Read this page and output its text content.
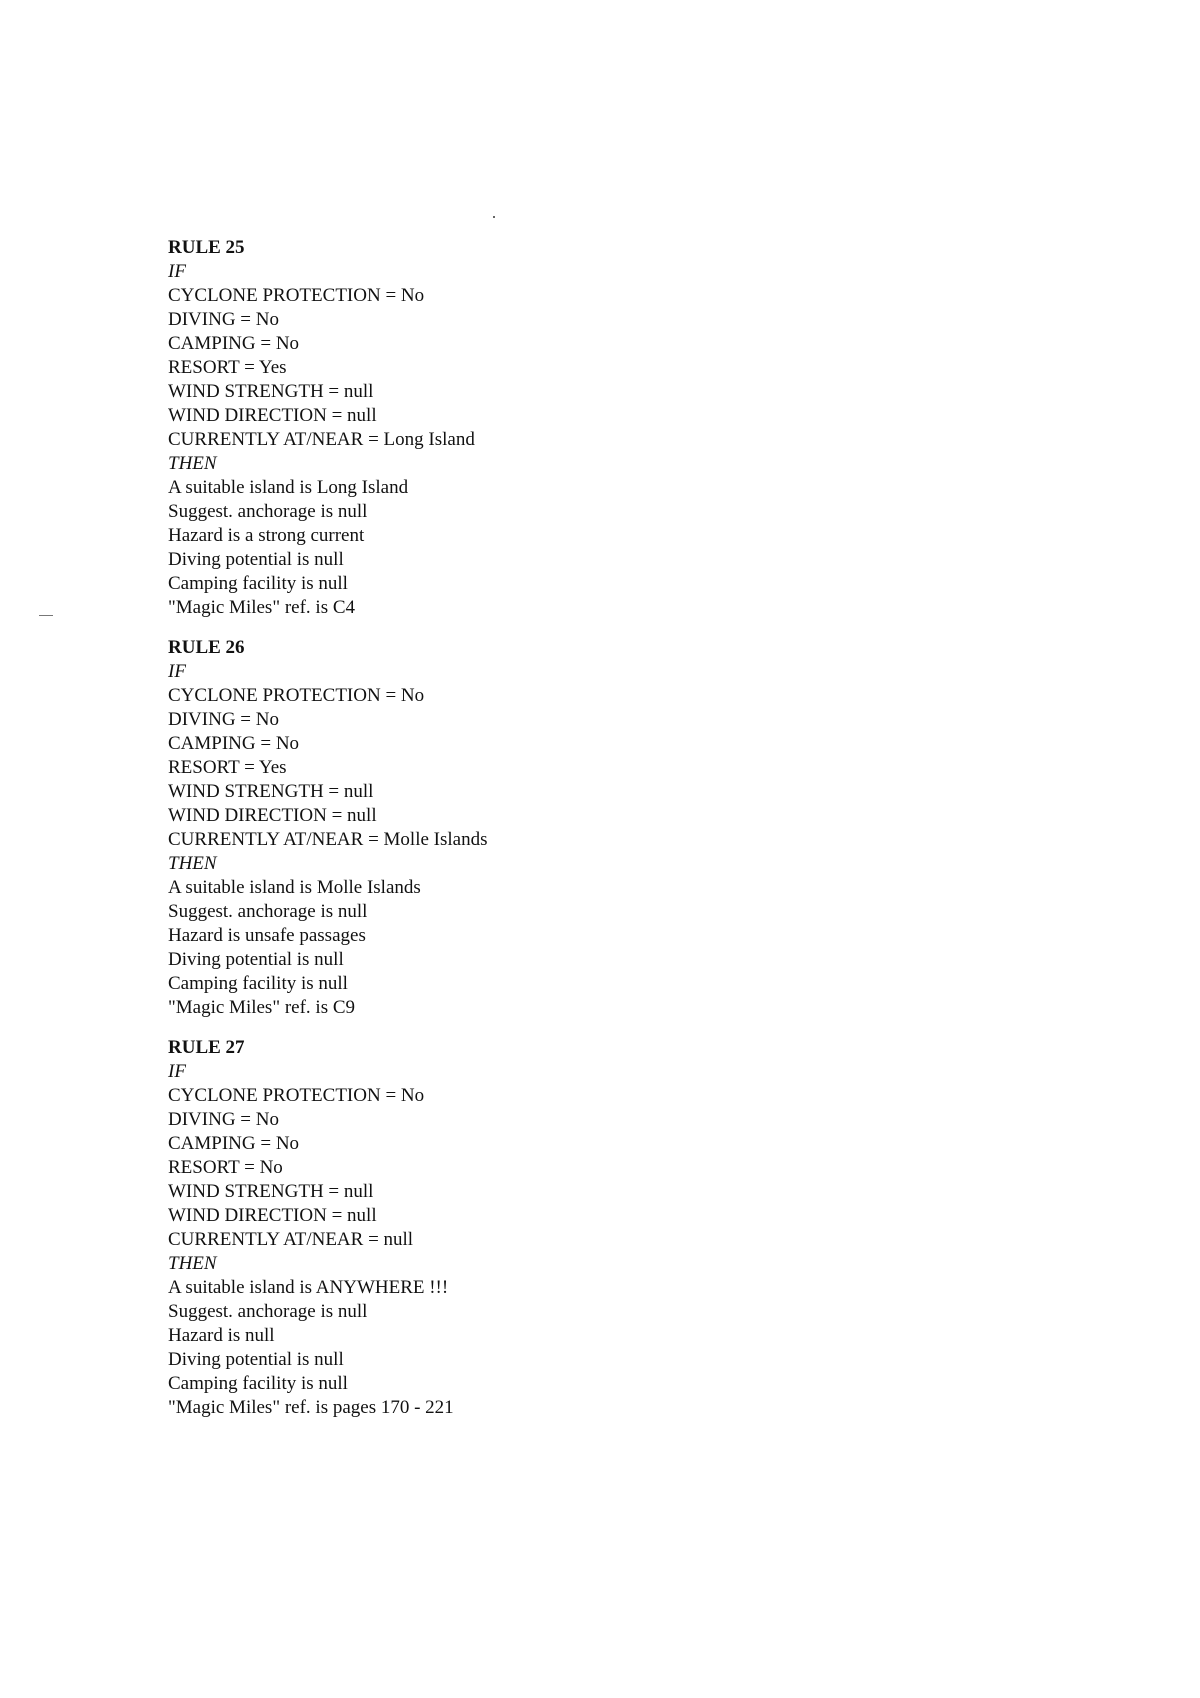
RULE 25
IF
CYCLONE PROTECTION = No
DIVING = No
CAMPING = No
RESORT = Yes
WIND STRENGTH = null
WIND DIRECTION = null
CURRENTLY AT/NEAR = Long Island
THEN
A suitable island is Long Island
Suggest. anchorage is null
Hazard is a strong current
Diving potential is null
Camping facility is null
"Magic Miles" ref. is C4
RULE 26
IF
CYCLONE PROTECTION = No
DIVING = No
CAMPING = No
RESORT = Yes
WIND STRENGTH = null
WIND DIRECTION = null
CURRENTLY AT/NEAR = Molle Islands
THEN
A suitable island is Molle Islands
Suggest. anchorage is null
Hazard is unsafe passages
Diving potential is null
Camping facility is null
"Magic Miles" ref. is C9
RULE 27
IF
CYCLONE PROTECTION = No
DIVING = No
CAMPING = No
RESORT = No
WIND STRENGTH = null
WIND DIRECTION = null
CURRENTLY AT/NEAR = null
THEN
A suitable island is ANYWHERE !!!
Suggest. anchorage is null
Hazard is null
Diving potential is null
Camping facility is null
"Magic Miles" ref. is pages 170 - 221
